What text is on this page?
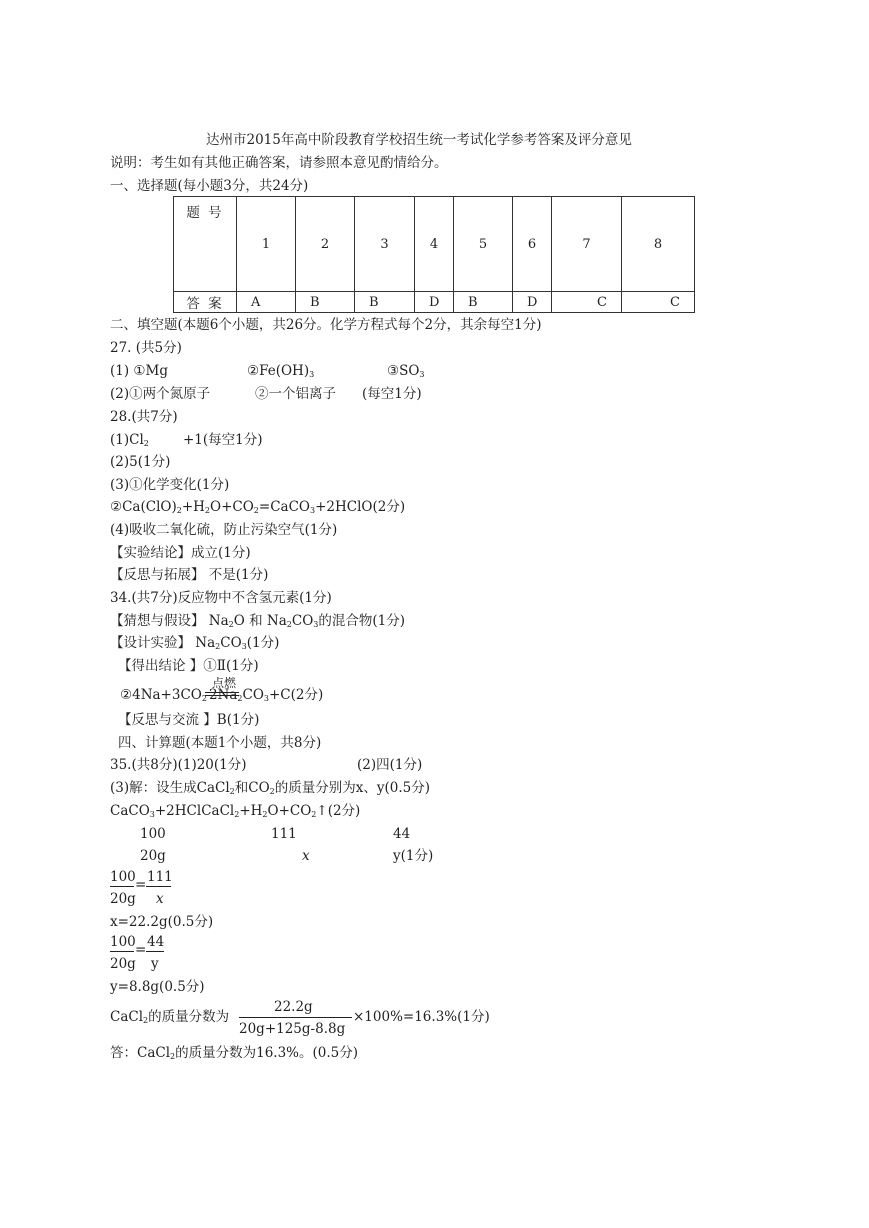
达州市2015年高中阶段教育学校招生统一考试化学参考答案及评分意见
说明：考生如有其他正确答案，请参照本意见酌情给分。
一、选择题(每小题3分，共24分)
题 号	1	2	3	4	5	6	7	8
答 案	A	B	B	D	B	D	C	C
二、填空题(本题6个小题，共26分。化学方程式每个2分，其余每空1分)
27. (共5分)
(1) ①Mg	$②Fe(OH)_3$	$③SO_3$
(2)①两个氮原子	②一个铝离子 (每空1分)
28.(共7分)
$(1)Cl_2$	+1(每空1分)
(2)5(1分)
(3)①化学变化(1分)
$②Ca(ClO)_2+H_2O+CO_2=CaCO_3+2HClO(2$分)
(4)吸收二氧化硫，防止污染空气(1分)
【实验结论】成立(1分)
【反思与拓展】 不是(1分)
34.(共7分)反应物中不含氢元素(1分)
【猜想与假设】 $Na_2O$ 和 $Na_2CO_3$的混合物(1分)
【设计实验】 $Na_2CO_3(1$分)
【得出结论 】①Ⅱ(1分)
点燃
$②4Na+3CO_2$ $2Na_2CO_3+C(2$分)
【反思与交流 】B(1分)
四、计算题(本题1个小题，共8分)
35.(共8分)(1)20(1分)	(2)四(1分)
(3)解：设生成CaCl$_2$和$CO_2$的质量分别为x、y(0.5分)
$CaCO_3+2HClCaCl_2+H_2O+CO_2↑(2$分)
100	111	44
20g	x	y(1分)
100 = 111
20g x
x=22.2g(0.5分)
100 = 44
20g y
y=8.8g(0.5分)
22.2g
CaCl$_2$的质量分数为	×100%=16.3%(1分)
20g+125g-8.8g
答：CaCl$_2$的质量分数为16.3%。(0.5分)
